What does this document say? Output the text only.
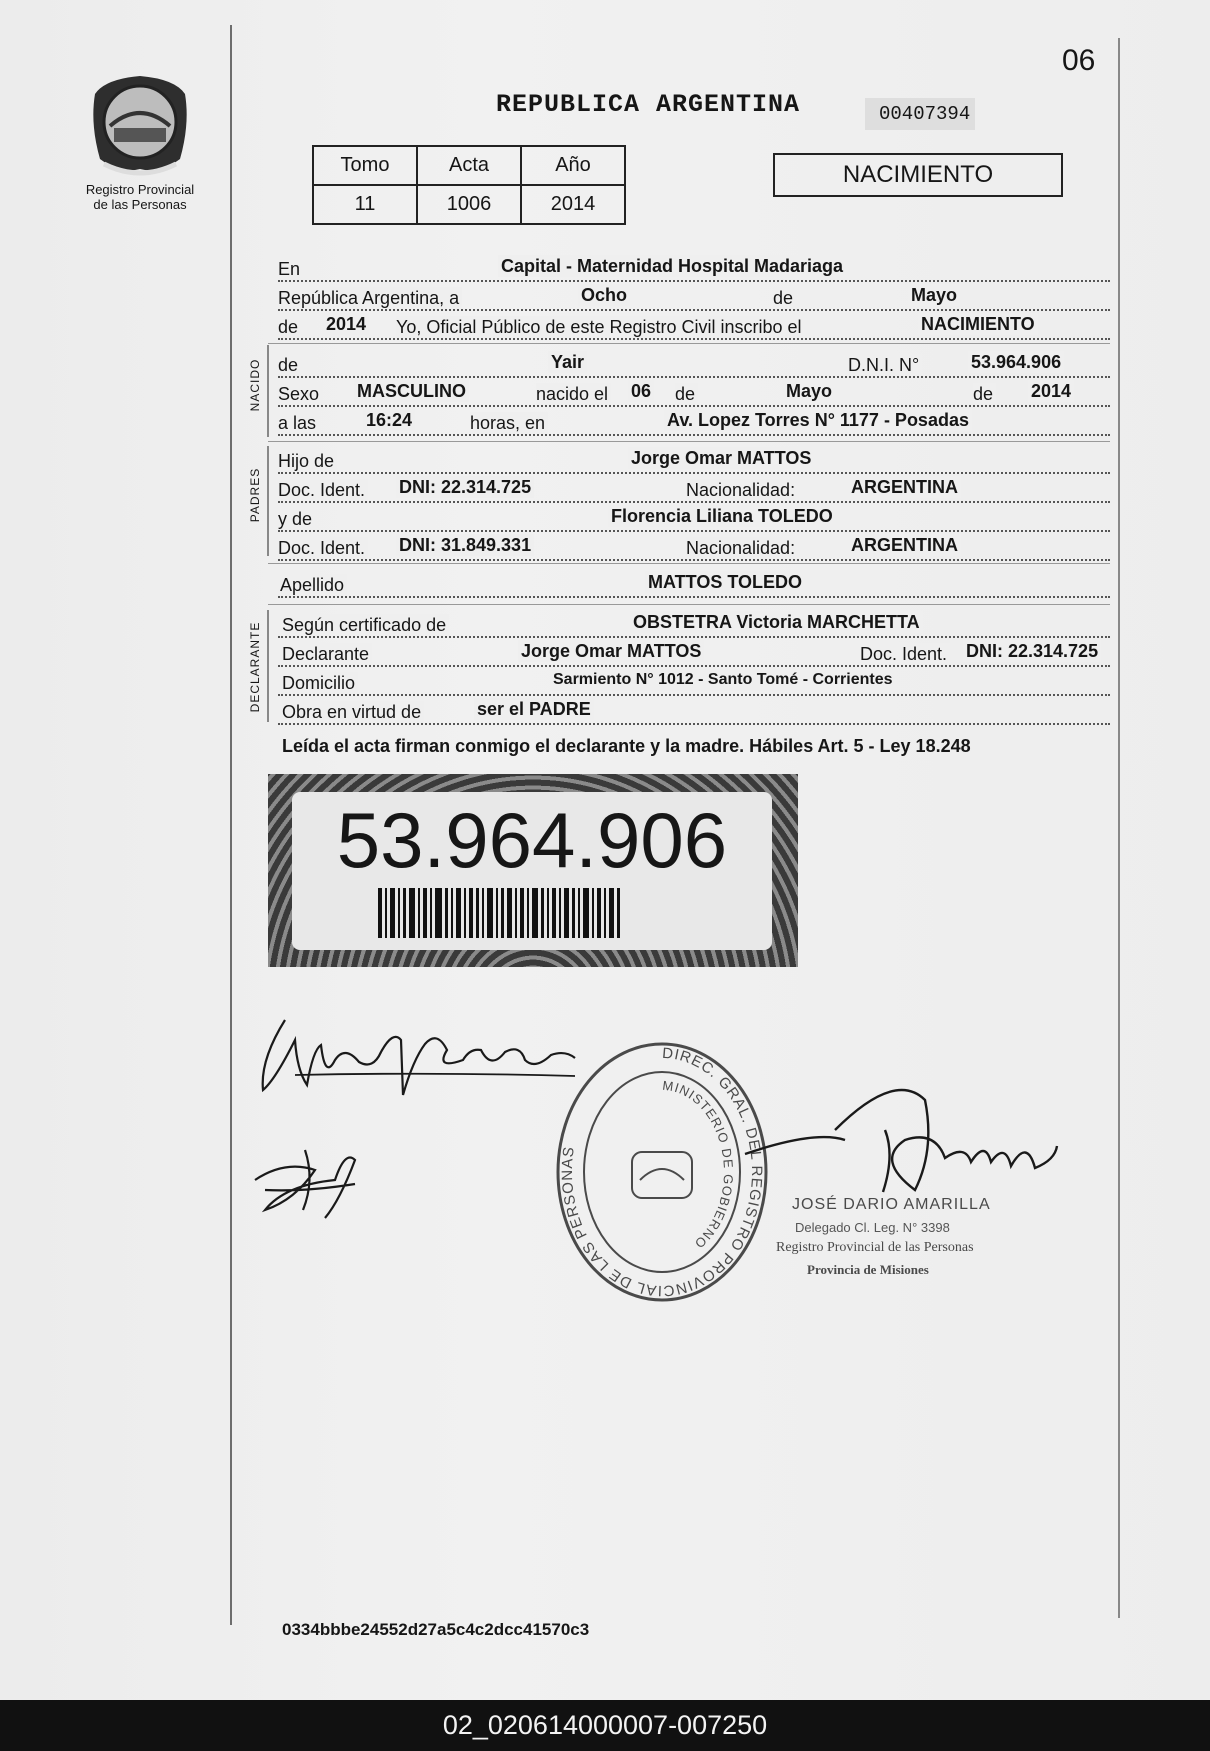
Registro Provincial
de las Personas
06
REPUBLICA ARGENTINA	00407394
Tomo	Acta	Año
11	1006	2014
NACIMIENTO
En	Capital - Maternidad Hospital Madariaga
República Argentina, a	Ocho	de	Mayo
de 2014 Yo, Oficial Público de este Registro Civil inscribo el	NACIMIENTO
NACIDO de	Yair	D.N.I. N°	53.964.906
Sexo MASCULINO	nacido el 06 de	Mayo	de 2014
a las	16:24	horas, en	Av. Lopez Torres N° 1177 - Posadas
PADRES
Hijo de	Jorge Omar MATTOS
Doc. Ident. DNI: 22.314.725	Nacionalidad:	ARGENTINA
y de	Florencia Liliana TOLEDO
Doc. Ident. DNI: 31.849.331	Nacionalidad:	ARGENTINA
Apellido	MATTOS TOLEDO
DECLARANTE Según certificado de	OBSTETRA Victoria MARCHETTA
Declarante	Jorge Omar MATTOS	Doc. Ident. DNI: 22.314.725
Domicilio	Sarmiento N° 1012 - Santo Tomé - Corrientes
Obra en virtud de	ser el PADRE
Leída el acta firman conmigo el declarante y la madre. Hábiles Art. 5 - Ley 18.248
53.964.906
DIREC. GRAL. DEL REGISTRO PROVINCIAL DE LAS PERSONAS
MINISTERIO DE GOBIERNO
JOSÉ DARIO AMARILLA
Delegado Cl. Leg. N° 3398
Registro Provincial de las Personas
Provincia de Misiones
0334bbbe24552d27a5c4c2dcc41570c3
02_020614000007-007250
